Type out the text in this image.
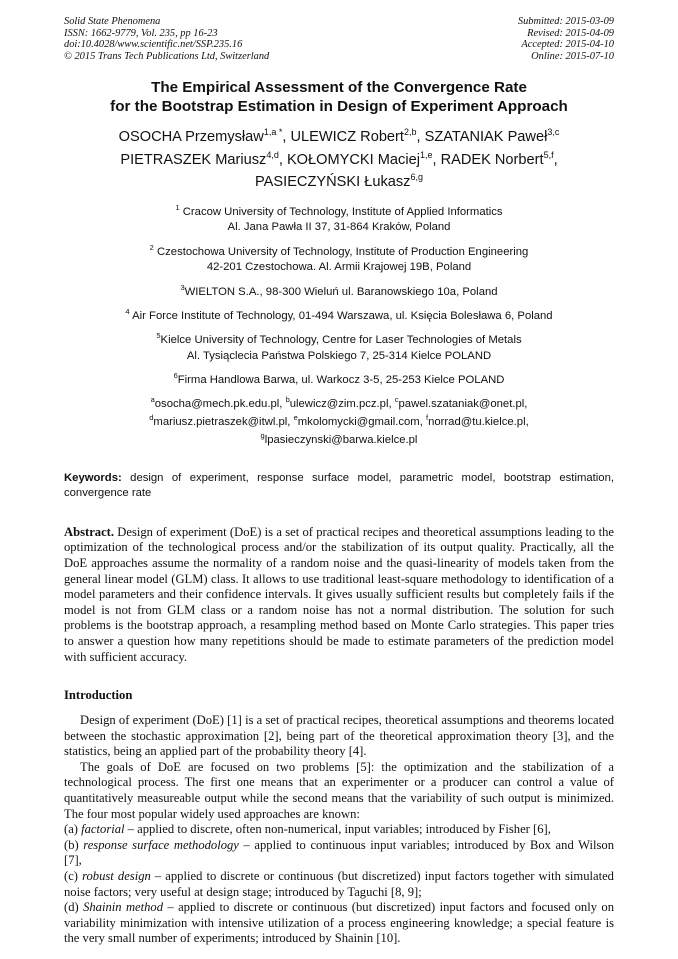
Solid State Phenomena
ISSN: 1662-9779, Vol. 235, pp 16-23
doi:10.4028/www.scientific.net/SSP.235.16
© 2015 Trans Tech Publications Ltd, Switzerland
Submitted: 2015-03-09
Revised: 2015-04-09
Accepted: 2015-04-10
Online: 2015-07-10
The Empirical Assessment of the Convergence Rate
for the Bootstrap Estimation in Design of Experiment Approach
OSOCHA Przemysław$^{1,a *}$, ULEWICZ Robert$^{2,b}$, SZATANIAK Paweł$^{3,c}$
PIETRASZEK Mariusz$^{4,d}$, KOŁOMYCKI Maciej$^{1,e}$, RADEK Norbert$^{5,f}$,
PASIECZYŃSKI Łukasz$^{6,g}$
$^1$ Cracow University of Technology, Institute of Applied Informatics
Al. Jana Pawła II 37, 31-864 Kraków, Poland
$^2$ Czestochowa University of Technology, Institute of Production Engineering
42-201 Czestochowa. Al. Armii Krajowej 19B, Poland
$^3$WIELTON S.A., 98-300 Wieluń ul. Baranowskiego 10a, Poland
$^4$ Air Force Institute of Technology, 01-494 Warszawa, ul. Księcia Bolesława 6, Poland
$^5$Kielce University of Technology, Centre for Laser Technologies of Metals
Al. Tysiąclecia Państwa Polskiego 7, 25-314 Kielce POLAND
$^6$Firma Handlowa Barwa, ul. Warkocz 3-5, 25-253 Kielce POLAND
$^a$osocha@mech.pk.edu.pl, $^b$ulewicz@zim.pcz.pl, $^c$pawel.szataniak@onet.pl,
$^d$mariusz.pietraszek@itwl.pl, $^e$mkolomycki@gmail.com, $^f$norrad@tu.kielce.pl,
$^g$lpasieczynski@barwa.kielce.pl
Keywords: design of experiment, response surface model, parametric model, bootstrap estimation, convergence rate
Abstract. Design of experiment (DoE) is a set of practical recipes and theoretical assumptions leading to the optimization of the technological process and/or the stabilization of its output quality. Practically, all the DoE approaches assume the normality of a random noise and the quasi-linearity of models taken from the general linear model (GLM) class. It allows to use traditional least-square methodology to identification of a model parameters and their confidence intervals. It gives usually sufficient results but completely fails if the model is not from GLM class or a random noise has not a normal distribution. The solution for such problems is the bootstrap approach, a resampling method based on Monte Carlo strategies. This paper tries to answer a question how many repetitions should be made to estimate parameters of the prediction model with sufficient accuracy.
Introduction

Design of experiment (DoE) [1] is a set of practical recipes, theoretical assumptions and theorems located between the stochastic approximation [2], being part of the theoretical approximation theory [3], and the statistics, being an applied part of the probability theory [4].

The goals of DoE are focused on two problems [5]: the optimization and the stabilization of a technological process. The first one means that an experimenter or a producer can control a value of quantitatively measureable output while the second means that the variability of such output is minimized. The four most popular widely used approaches are known:

(a) factorial – applied to discrete, often non-numerical, input variables; introduced by Fisher [6],

(b) response surface methodology – applied to continuous input variables; introduced by Box and Wilson [7],

(c) robust design – applied to discrete or continuous (but discretized) input factors together with simulated noise factors; very useful at design stage; introduced by Taguchi [8, 9];

(d) Shainin method – applied to discrete or continuous (but discretized) input factors and focused only on variability minimization with intensive utilization of a process engineering knowledge; a special feature is the very small number of experiments; introduced by Shainin [10].
